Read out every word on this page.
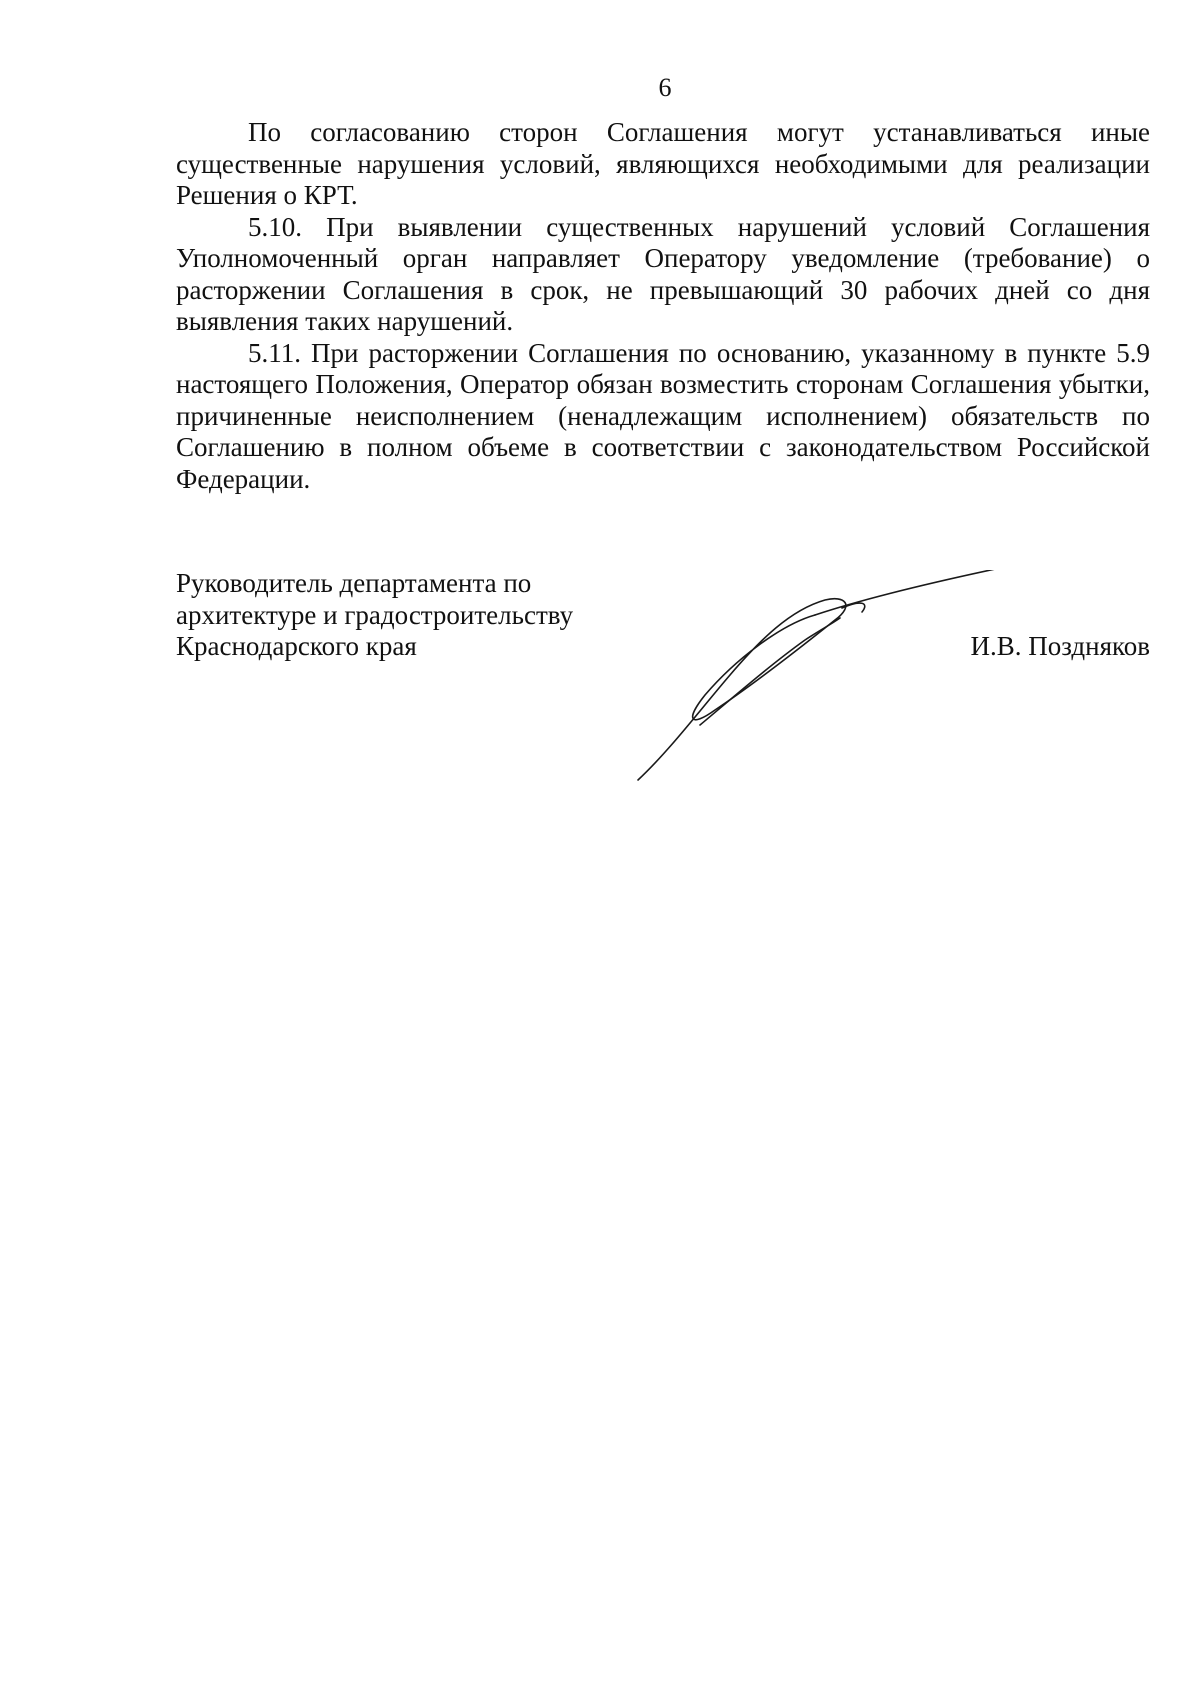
6

По согласованию сторон Соглашения могут устанавливаться иные существенные нарушения условий, являющихся необходимыми для реализации Решения о КРТ.

5.10. При выявлении существенных нарушений условий Соглашения Уполномоченный орган направляет Оператору уведомление (требование) о расторжении Соглашения в срок, не превышающий 30 рабочих дней со дня выявления таких нарушений.

5.11. При расторжении Соглашения по основанию, указанному в пункте 5.9 настоящего Положения, Оператор обязан возместить сторонам Соглашения убытки, причиненные неисполнением (ненадлежащим исполнением) обязательств по Соглашению в полном объеме в соответствии с законодательством Российской Федерации.

Руководитель департамента по
архитектуре и градостроительству
Краснодарского края	И.В. Поздняков
